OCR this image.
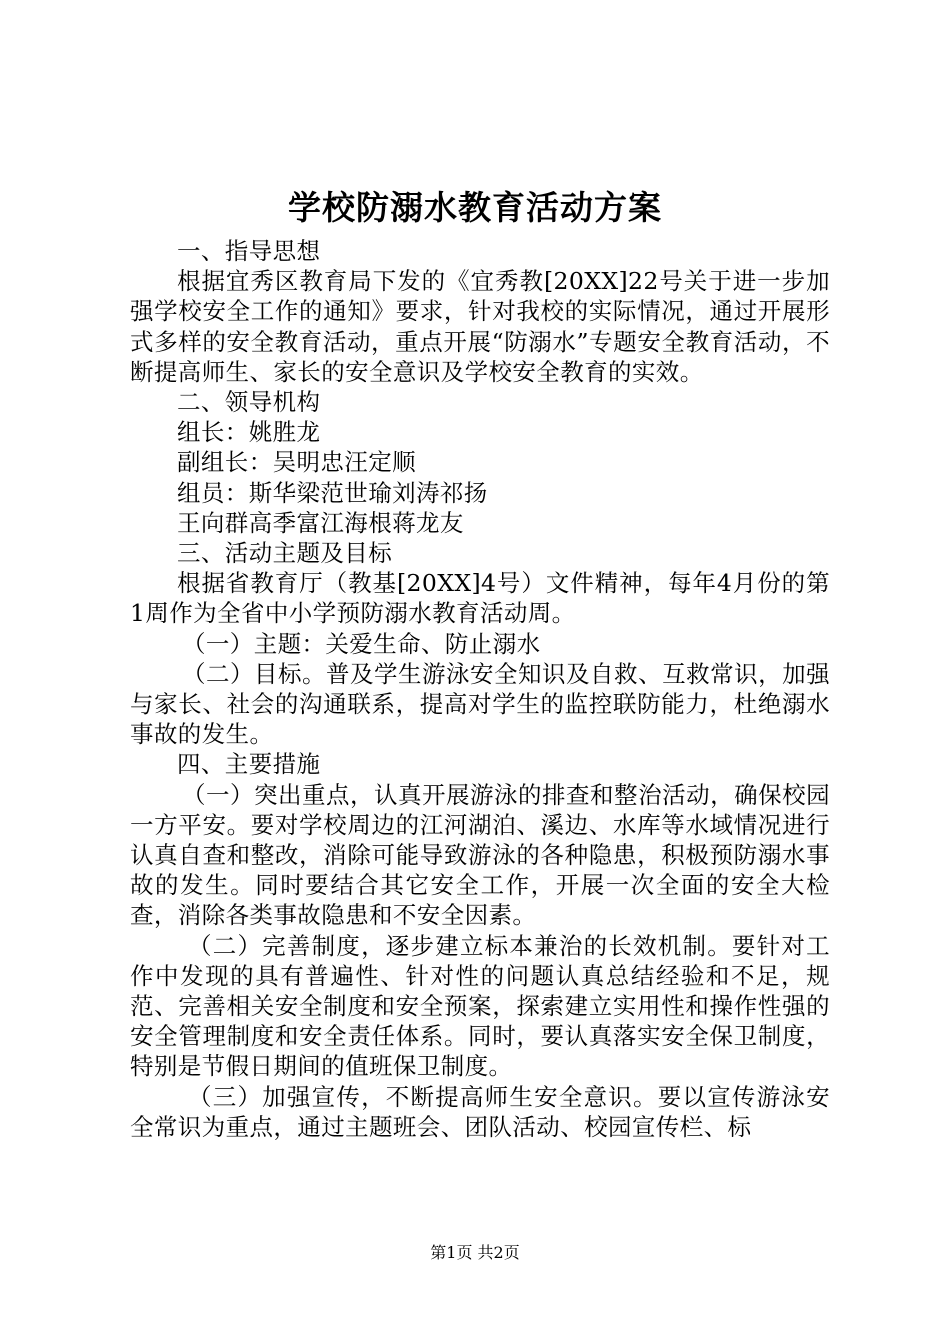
学校防溺水教育活动方案

一、指导思想

根据宜秀区教育局下发的《宜秀教[20XX]22号关于进一步加强学校安全工作的通知》要求，针对我校的实际情况，通过开展形式多样的安全教育活动，重点开展“防溺水”专题安全教育活动，不断提高师生、家长的安全意识及学校安全教育的实效。

二、领导机构

组长：姚胜龙

副组长：吴明忠汪定顺

组员：斯华梁范世瑜刘涛祁扬

王向群高季富江海根蒋龙友

三、活动主题及目标

根据省教育厅（教基[20XX]4号）文件精神，每年4月份的第1周作为全省中小学预防溺水教育活动周。

（一）主题：关爱生命、防止溺水

（二）目标。普及学生游泳安全知识及自救、互救常识，加强与家长、社会的沟通联系，提高对学生的监控联防能力，杜绝溺水事故的发生。

四、主要措施

（一）突出重点，认真开展游泳的排查和整治活动，确保校园一方平安。要对学校周边的江河湖泊、溪边、水库等水域情况进行认真自查和整改，消除可能导致游泳的各种隐患，积极预防溺水事故的发生。同时要结合其它安全工作，开展一次全面的安全大检查，消除各类事故隐患和不安全因素。

（二）完善制度，逐步建立标本兼治的长效机制。要针对工作中发现的具有普遍性、针对性的问题认真总结经验和不足，规范、完善相关安全制度和安全预案，探索建立实用性和操作性强的安全管理制度和安全责任体系。同时，要认真落实安全保卫制度，特别是节假日期间的值班保卫制度。

（三）加强宣传，不断提高师生安全意识。要以宣传游泳安全常识为重点，通过主题班会、团队活动、校园宣传栏、标

第1页 共2页
